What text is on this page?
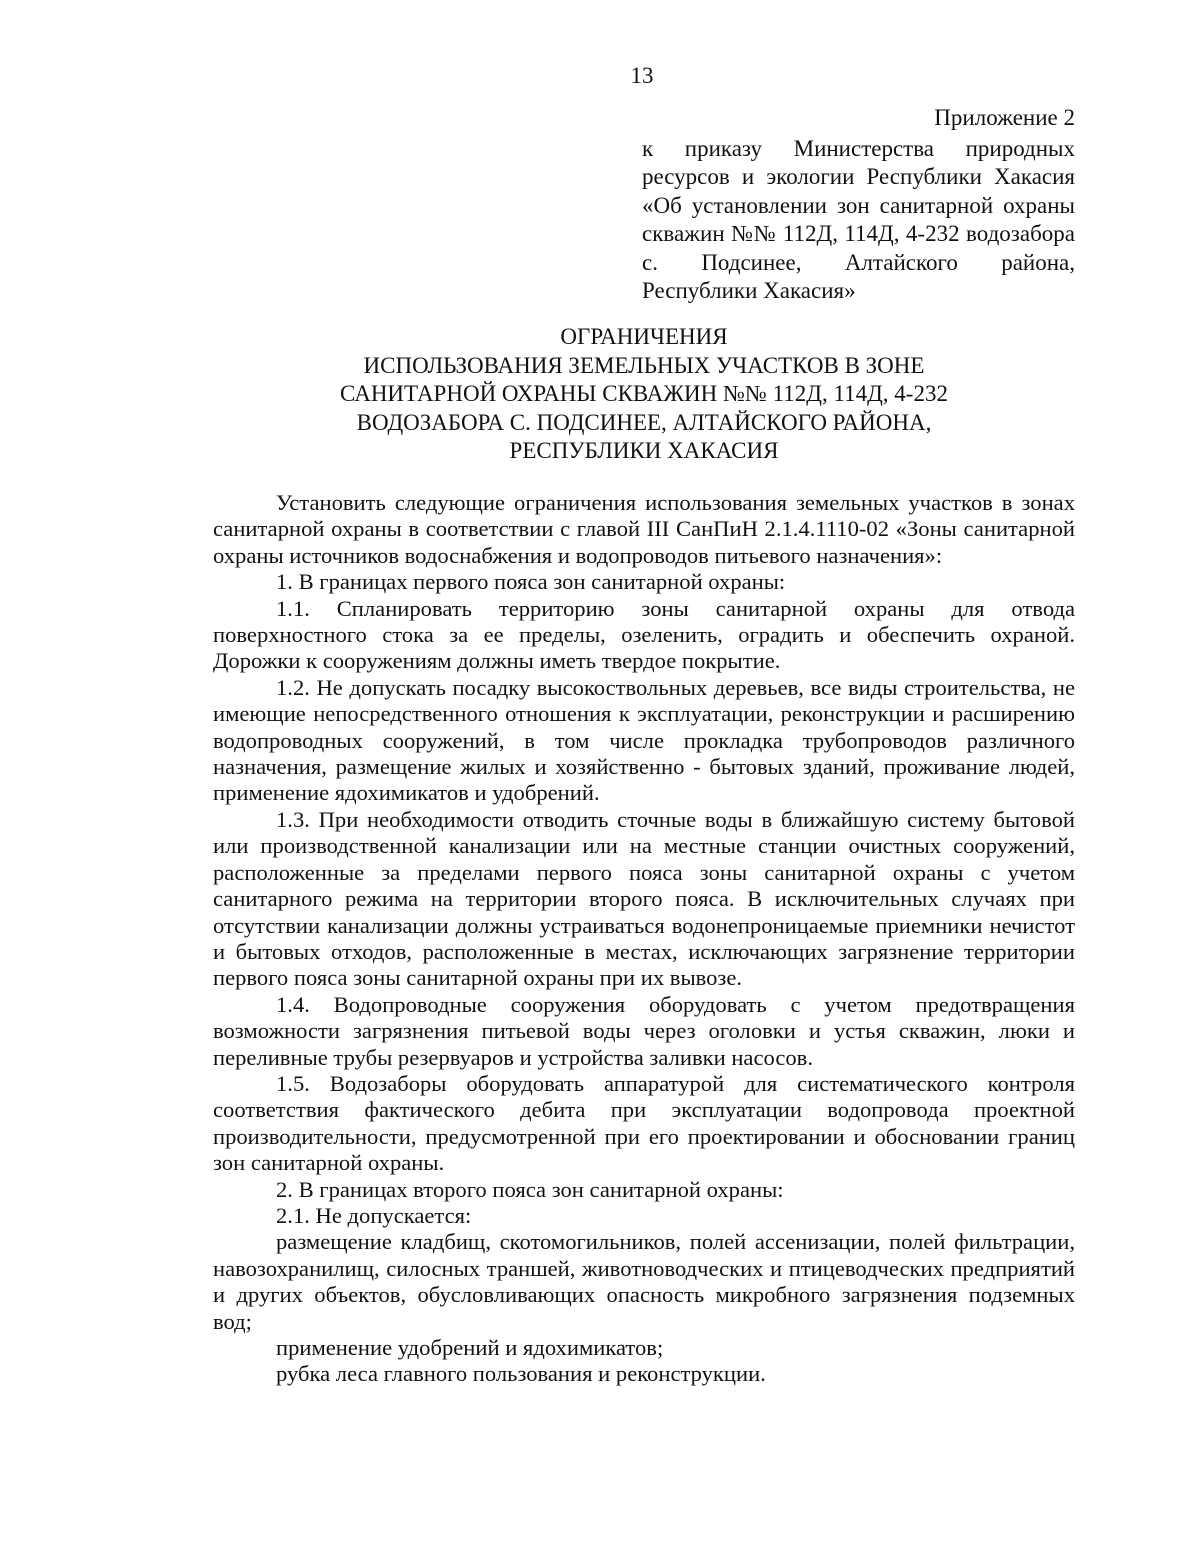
13

Приложение 2

к приказу Министерства природных ресурсов и экологии Республики Хакасия «Об установлении зон санитарной охраны скважин №№ 112Д, 114Д, 4-232 водозабора с. Подсинее, Алтайского района, Республики Хакасия»

ОГРАНИЧЕНИЯ
ИСПОЛЬЗОВАНИЯ ЗЕМЕЛЬНЫХ УЧАСТКОВ В ЗОНЕ
САНИТАРНОЙ ОХРАНЫ СКВАЖИН №№ 112Д, 114Д, 4-232
ВОДОЗАБОРА С. ПОДСИНЕЕ, АЛТАЙСКОГО РАЙОНА,
РЕСПУБЛИКИ ХАКАСИЯ

Установить следующие ограничения использования земельных участков в зонах санитарной охраны в соответствии с главой III СанПиН 2.1.4.1110-02 «Зоны санитарной охраны источников водоснабжения и водопроводов питьевого назначения»:

1. В границах первого пояса зон санитарной охраны:

1.1. Спланировать территорию зоны санитарной охраны для отвода поверхностного стока за ее пределы, озеленить, оградить и обеспечить охраной. Дорожки к сооружениям должны иметь твердое покрытие.

1.2. Не допускать посадку высокоствольных деревьев, все виды строительства, не имеющие непосредственного отношения к эксплуатации, реконструкции и расширению водопроводных сооружений, в том числе прокладка трубопроводов различного назначения, размещение жилых и хозяйственно - бытовых зданий, проживание людей, применение ядохимикатов и удобрений.

1.3. При необходимости отводить сточные воды в ближайшую систему бытовой или производственной канализации или на местные станции очистных сооружений, расположенные за пределами первого пояса зоны санитарной охраны с учетом санитарного режима на территории второго пояса. В исключительных случаях при отсутствии канализации должны устраиваться водонепроницаемые приемники нечистот и бытовых отходов, расположенные в местах, исключающих загрязнение территории первого пояса зоны санитарной охраны при их вывозе.

1.4. Водопроводные сооружения оборудовать с учетом предотвращения возможности загрязнения питьевой воды через оголовки и устья скважин, люки и переливные трубы резервуаров и устройства заливки насосов.

1.5. Водозаборы оборудовать аппаратурой для систематического контроля соответствия фактического дебита при эксплуатации водопровода проектной производительности, предусмотренной при его проектировании и обосновании границ зон санитарной охраны.

2. В границах второго пояса зон санитарной охраны:

2.1. Не допускается:

размещение кладбищ, скотомогильников, полей ассенизации, полей фильтрации, навозохранилищ, силосных траншей, животноводческих и птицеводческих предприятий и других объектов, обусловливающих опасность микробного загрязнения подземных вод;

применение удобрений и ядохимикатов;

рубка леса главного пользования и реконструкции.
